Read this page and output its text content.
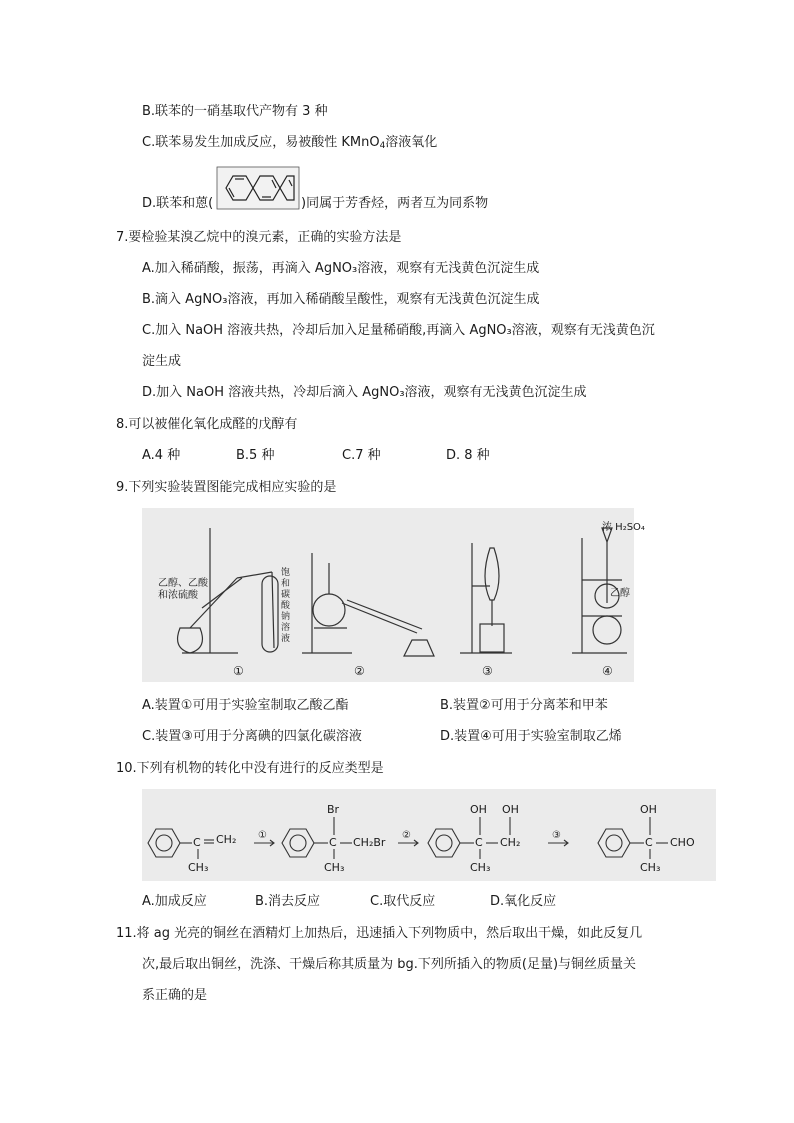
B.联苯的一硝基取代产物有 3 种
C.联苯易发生加成反应，易被酸性 KMnO$_4$溶液氧化
D.联苯和蒽(	)同属于芳香烃，两者互为同系物
7.要检验某溴乙烷中的溴元素，正确的实验方法是
A.加入稀硝酸，振荡，再滴入 AgNO₃溶液，观察有无浅黄色沉淀生成
B.滴入 AgNO₃溶液，再加入稀硝酸呈酸性，观察有无浅黄色沉淀生成
C.加入 NaOH 溶液共热，冷却后加入足量稀硝酸,再滴入 AgNO₃溶液，观察有无浅黄色沉
淀生成
D.加入 NaOH 溶液共热，冷却后滴入 AgNO₃溶液，观察有无浅黄色沉淀生成
8.可以被催化氧化成醛的戊醇有
A.4 种	B.5 种	C.7 种	D. 8 种
9.下列实验装置图能完成相应实验的是
乙醇、乙酸
和浓硫酸
饱
和
碳
酸
钠
溶
液
浓 H₂SO₄
乙醇
①	②	③	④
A.装置①可用于实验室制取乙酸乙酯	B.装置②可用于分离苯和甲苯
C.装置③可用于分离碘的四氯化碳溶液	D.装置④可用于实验室制取乙烯
10.下列有机物的转化中没有进行的反应类型是
C CH₂
CH₃
①
Br
C CH₂Br
CH₃
②
OH OH
C CH₂
CH₃
③
OH
C CHO
CH₃
A.加成反应	B.消去反应	C.取代反应	D.氧化反应
11.将 ag 光亮的铜丝在酒精灯上加热后，迅速插入下列物质中，然后取出干燥，如此反复几
次,最后取出铜丝，洗涤、干燥后称其质量为 bg.下列所插入的物质(足量)与铜丝质量关
系正确的是
